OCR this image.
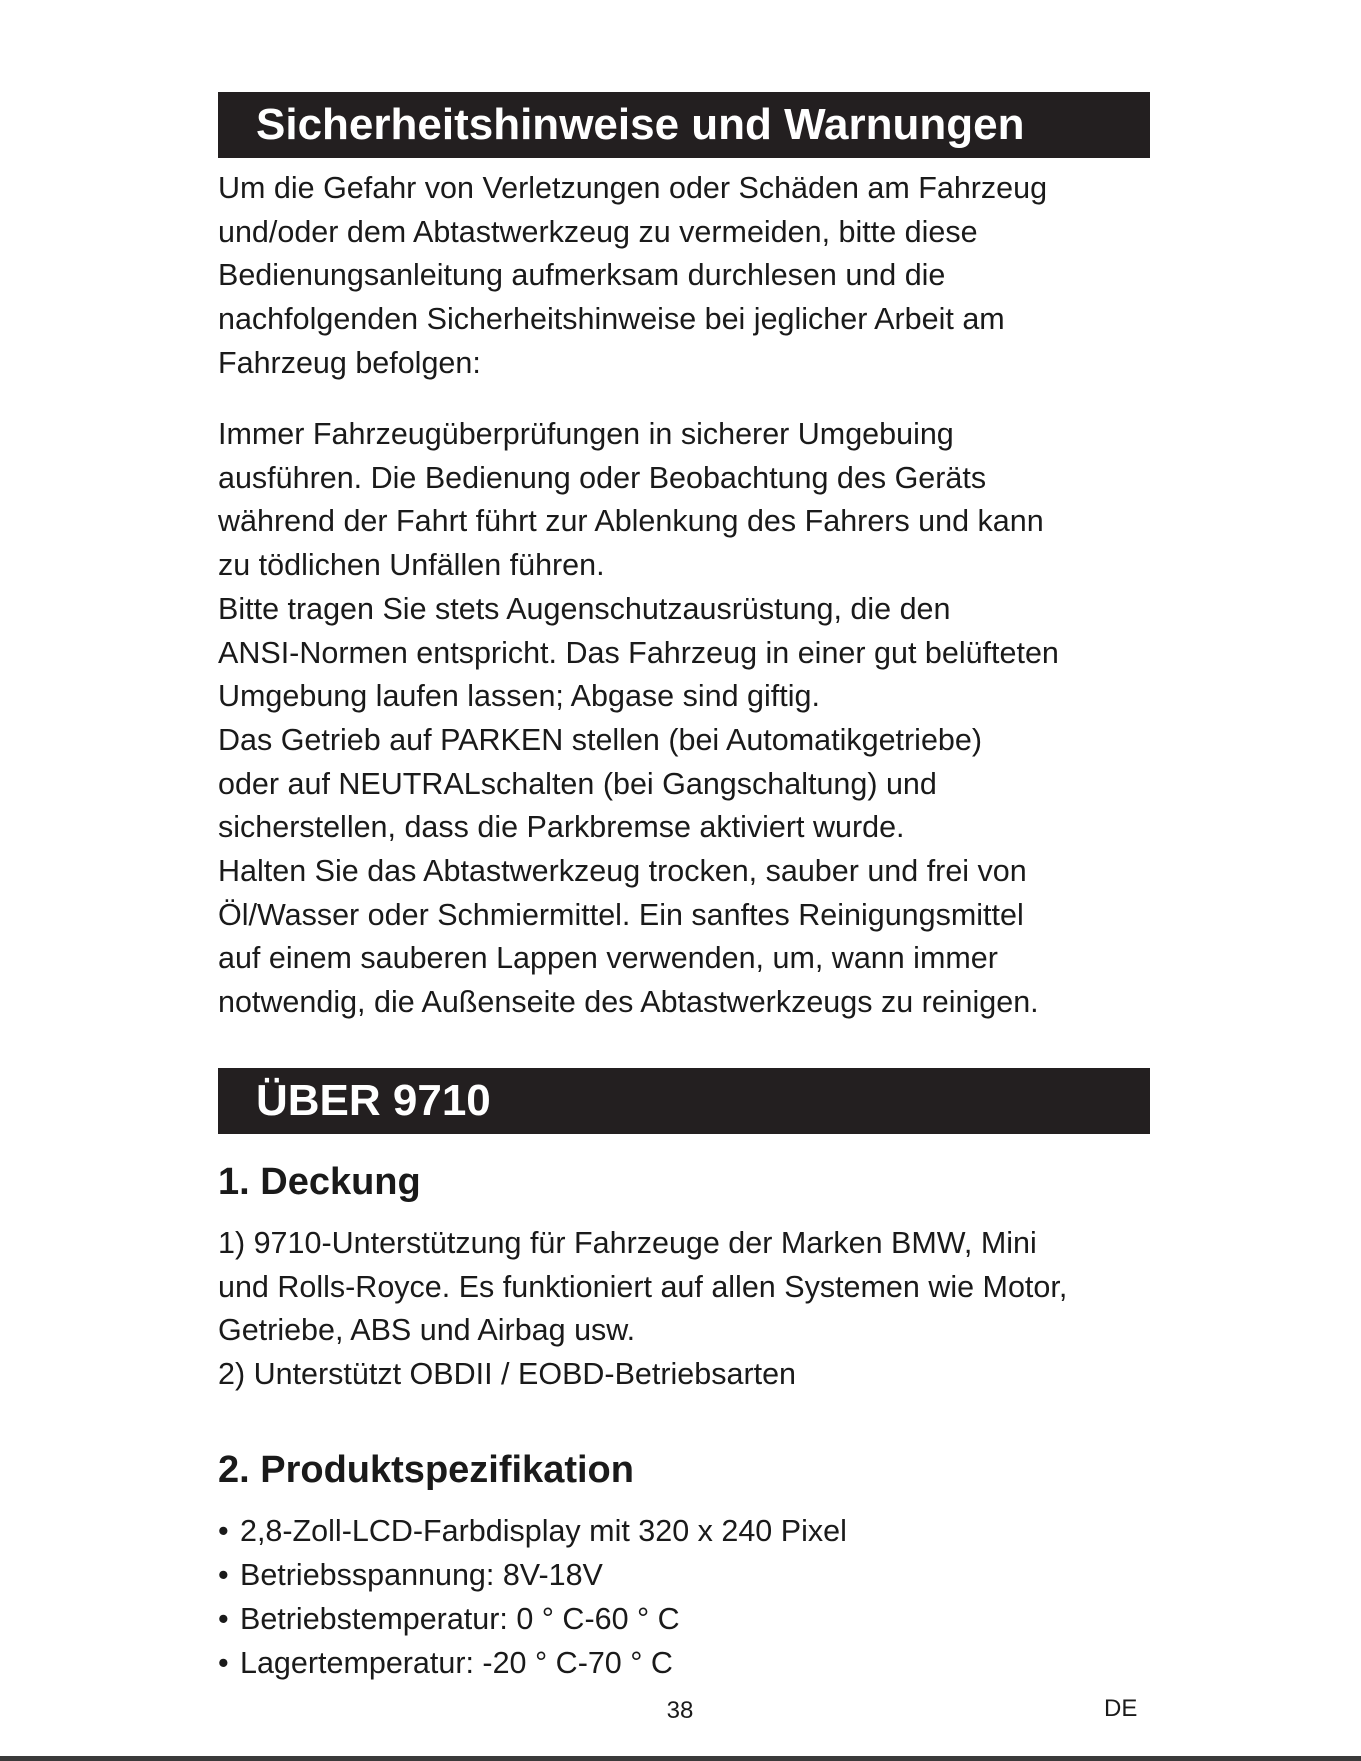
Sicherheitshinweise und Warnungen

Um die Gefahr von Verletzungen oder Schäden am Fahrzeug
und/oder dem Abtastwerkzeug zu vermeiden, bitte diese
Bedienungsanleitung aufmerksam durchlesen und die
nachfolgenden Sicherheitshinweise bei jeglicher Arbeit am
Fahrzeug befolgen:

Immer Fahrzeugüberprüfungen in sicherer Umgebuing
ausführen. Die Bedienung oder Beobachtung des Geräts
während der Fahrt führt zur Ablenkung des Fahrers und kann
zu tödlichen Unfällen führen.
Bitte tragen Sie stets Augenschutzausrüstung, die den
ANSI-Normen entspricht. Das Fahrzeug in einer gut belüfteten
Umgebung laufen lassen; Abgase sind giftig.
Das Getrieb auf PARKEN stellen (bei Automatikgetriebe)
oder auf NEUTRALschalten (bei Gangschaltung) und
sicherstellen, dass die Parkbremse aktiviert wurde.
Halten Sie das Abtastwerkzeug trocken, sauber und frei von
Öl/Wasser oder Schmiermittel. Ein sanftes Reinigungsmittel
auf einem sauberen Lappen verwenden, um, wann immer
notwendig, die Außenseite des Abtastwerkzeugs zu reinigen.

ÜBER 9710
1. Deckung

1) 9710-Unterstützung für Fahrzeuge der Marken BMW, Mini
und Rolls-Royce. Es funktioniert auf allen Systemen wie Motor,
Getriebe, ABS und Airbag usw.
2) Unterstützt OBDII / EOBD-Betriebsarten

2. Produktspezifikation
• 2,8-Zoll-LCD-Farbdisplay mit 320 x 240 Pixel
• Betriebsspannung: 8V-18V
• Betriebstemperatur: 0 ° C-60 ° C
• Lagertemperatur: -20 ° C-70 ° C
38	DE
